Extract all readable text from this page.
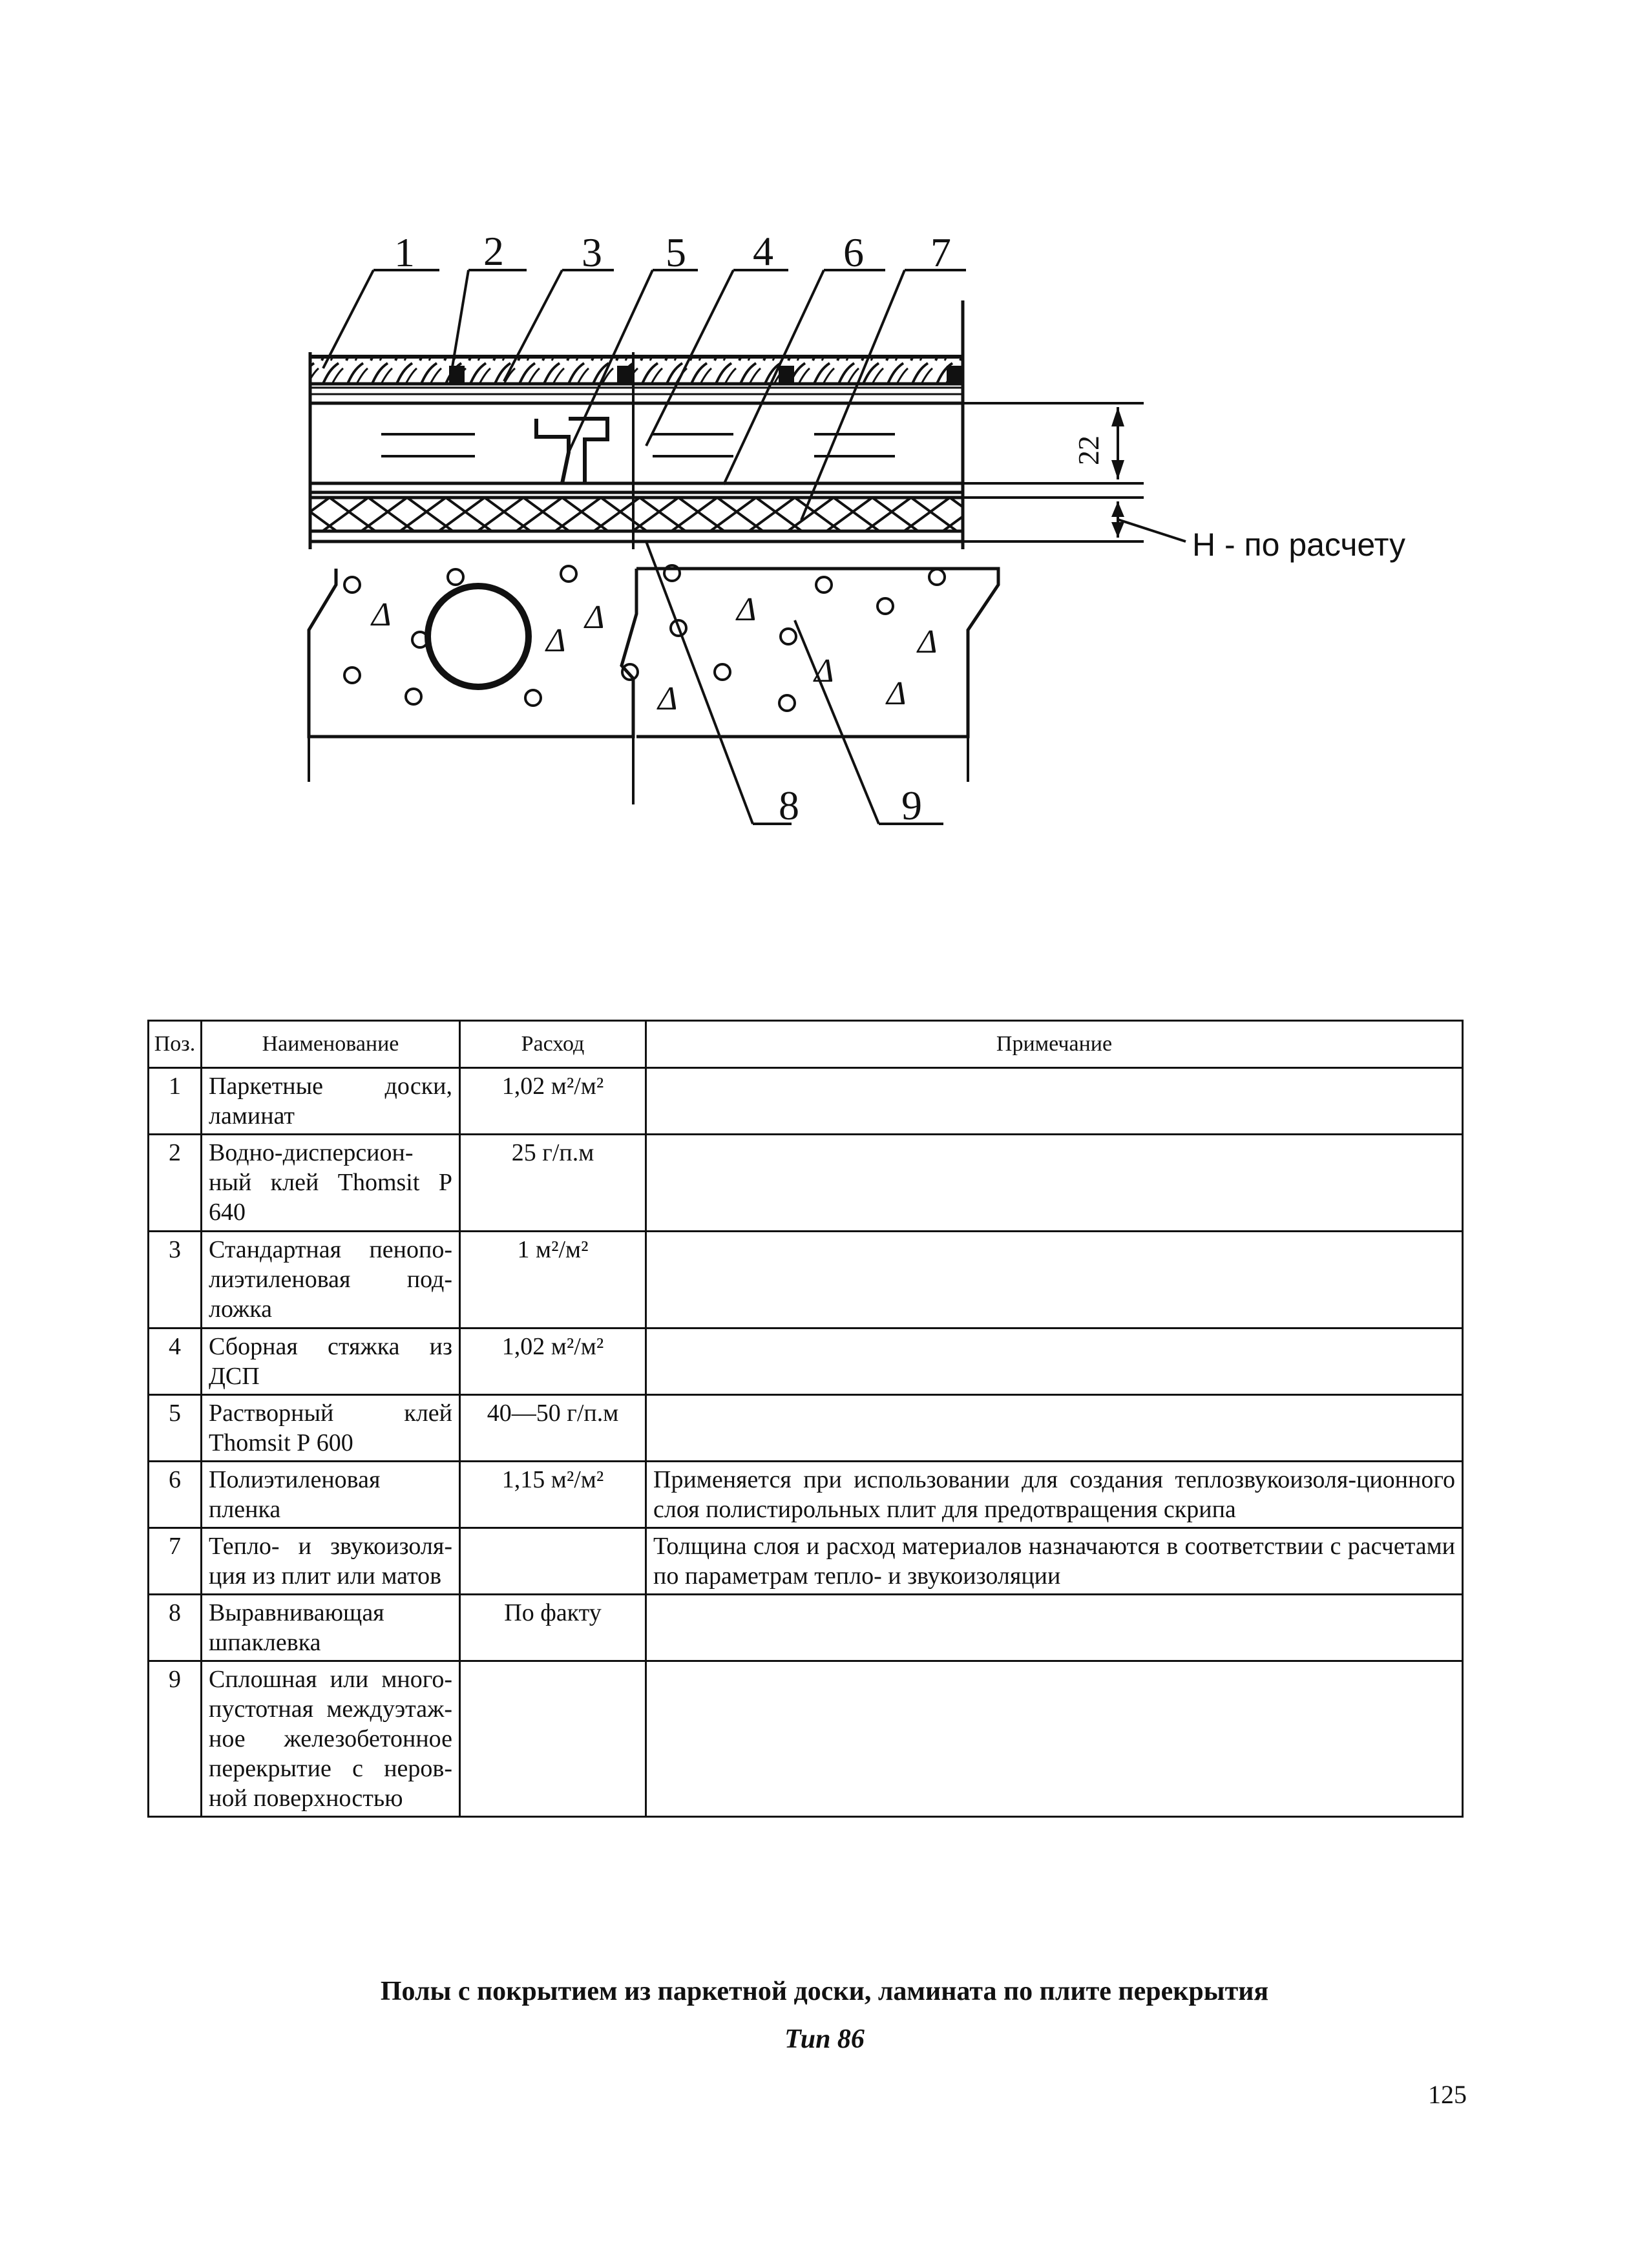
Δ
Δ
Δ	Δ
Δ
Δ
Δ
Δ
1 2 3 5 4 6 7
8 9
22
Н - по расчету
Поз.	Наименование	Расход	Примечание
1	Паркетные доски, ламинат	1,02 м²/м²	
2	Водно-дисперсион-ный клей Thomsit Р 640	25 г/п.м	
3	Стандартная пенопо-лиэтиленовая под-ложка	1 м²/м²	
4	Сборная стяжка из ДСП	1,02 м²/м²	
5	Растворный клей Thomsit Р 600	40—50 г/п.м	
6	Полиэтиленовая пленка	1,15 м²/м²	Применяется при использовании для создания теплозвукоизоля-ционного слоя полистирольных плит для предотвращения скрипа
7	Тепло- и звукоизоля-ция из плит или матов		Толщина слоя и расход материалов назначаются в соответствии с расчетами по параметрам тепло- и звукоизоляции
8	Выравнивающая шпаклевка	По факту	
9	Сплошная или много-пустотная междуэтаж-ное железобетонное перекрытие с неров-ной поверхностью		
Полы с покрытием из паркетной доски, ламината по плите перекрытия
Тип 86
125
